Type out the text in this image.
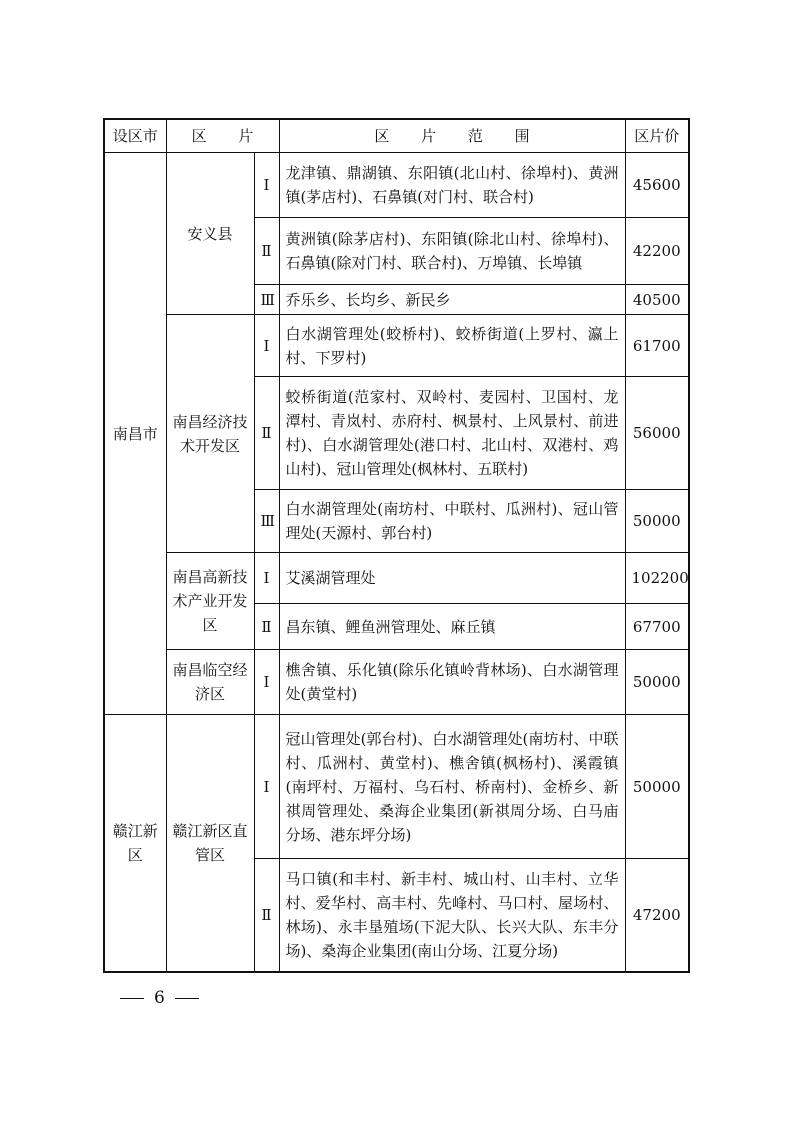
设区市	区 片		区 片 范 围	区片价
南昌市	安义县	Ⅰ	龙津镇、鼎湖镇、东阳镇(北山村、徐埠村)、黄洲镇(茅店村)、石鼻镇(对门村、联合村)	45600
		Ⅱ	黄洲镇(除茅店村)、东阳镇(除北山村、徐埠村)、石鼻镇(除对门村、联合村)、万埠镇、长埠镇	42200
		Ⅲ	乔乐乡、长均乡、新民乡	40500
	南昌经济技术开发区	Ⅰ	白水湖管理处(蛟桥村)、蛟桥街道(上罗村、瀛上村、下罗村)	61700
		Ⅱ	蛟桥街道(范家村、双岭村、麦园村、卫国村、龙潭村、青岚村、赤府村、枫景村、上风景村、前进村)、白水湖管理处(港口村、北山村、双港村、鸡山村)、冠山管理处(枫林村、五联村)	56000
		Ⅲ	白水湖管理处(南坊村、中联村、瓜洲村)、冠山管理处(天源村、郭台村)	50000
	南昌高新技术产业开发区	Ⅰ	艾溪湖管理处	102200
		Ⅱ	昌东镇、鲤鱼洲管理处、麻丘镇	67700
	南昌临空经济区	Ⅰ	樵舍镇、乐化镇(除乐化镇岭背林场)、白水湖管理处(黄堂村)	50000
赣江新区	赣江新区直管区	Ⅰ	冠山管理处(郭台村)、白水湖管理处(南坊村、中联村、瓜洲村、黄堂村)、樵舍镇(枫杨村)、溪霞镇(南坪村、万福村、乌石村、桥南村)、金桥乡、新祺周管理处、桑海企业集团(新祺周分场、白马庙分场、港东坪分场)	50000
		Ⅱ	马口镇(和丰村、新丰村、城山村、山丰村、立华村、爱华村、高丰村、先峰村、马口村、屋场村、林场)、永丰垦殖场(下泥大队、长兴大队、东丰分场)、桑海企业集团(南山分场、江夏分场)	47200
6
